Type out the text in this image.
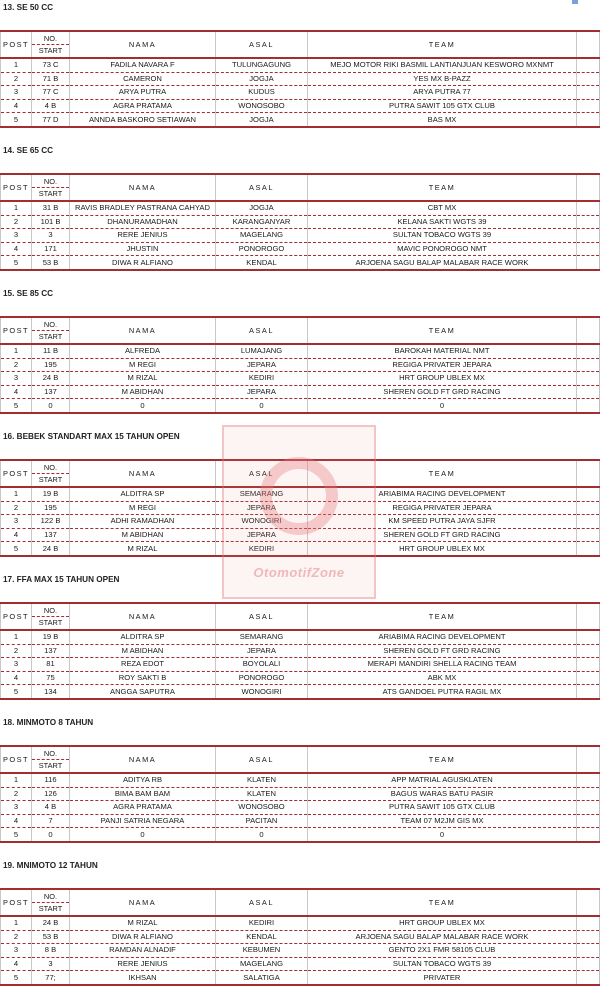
13. SE 50 CC
POST	NO.
START	NAMA	ASAL	TEAM		
1	73 C	FADILA NAVARA F	TULUNGAGUNG	MEJO MOTOR RIKI BASMIL LANTIANJUAN KESWORO MXNMT		
2	71 B	CAMERON	JOGJA	YES MX B-PAZZ		
3	77 C	ARYA PUTRA	KUDUS	ARYA PUTRA 77		
4	4 B	AGRA PRATAMA	WONOSOBO	PUTRA SAWIT 105 GTX CLUB		
5	77 D	ANNDA BASKORO SETIAWAN	JOGJA	BAS MX		
14. SE 65 CC
POST	NO.
START	NAMA	ASAL	TEAM		
1	31 B	RAVIS BRADLEY PASTRANA CAHYAD	JOGJA	CBT MX		
2	101 B	DHANURAMADHAN	KARANGANYAR	KELANA SAKTI WGTS 39		
3	3	RERE JENIUS	MAGELANG	SULTAN TOBACO WGTS 39		
4	171	JHUSTIN	PONOROGO	MAVIC PONOROGO NMT		
5	53 B	DIWA R ALFIANO	KENDAL	ARJOENA SAGU BALAP MALABAR RACE WORK		
15. SE 85 CC
POST	NO.
START	NAMA	ASAL	TEAM		
1	11 B	ALFREDA	LUMAJANG	BAROKAH MATERIAL NMT		
2	195	M REGI	JEPARA	REGIGA PRIVATER JEPARA		
3	24 B	M RIZAL	KEDIRI	HRT GROUP UBLEX MX		
4	137	M ABIDHAN	JEPARA	SHEREN GOLD FT GRD RACING		
5	0	0	0	0		
16. BEBEK STANDART MAX 15 TAHUN OPEN
POST	NO.
START	NAMA	ASAL	TEAM		
1	19 B	ALDITRA SP	SEMARANG	ARIABIMA RACING DEVELOPMENT		
2	195	M REGI	JEPARA	REGIGA PRIVATER JEPARA		
3	122 B	ADHI RAMADHAN	WONOGIRI	KM SPEED PUTRA JAYA SJFR		
4	137	M ABIDHAN	JEPARA	SHEREN GOLD FT GRD RACING		
5	24 B	M RIZAL	KEDIRI	HRT GROUP UBLEX MX		
17. FFA MAX 15 TAHUN OPEN
POST	NO.
START	NAMA	ASAL	TEAM		
1	19 B	ALDITRA SP	SEMARANG	ARIABIMA RACING DEVELOPMENT		
2	137	M ABIDHAN	JEPARA	SHEREN GOLD FT GRD RACING		
3	81	REZA EDOT	BOYOLALI	MERAPI MANDIRI SHELLA RACING TEAM		
4	75	ROY SAKTI B	PONOROGO	ABK MX		
5	134	ANGGA SAPUTRA	WONOGIRI	ATS GANDOEL PUTRA RAGIL MX		
18. MINMOTO 8 TAHUN
POST	NO.
START	NAMA	ASAL	TEAM		
1	116	ADITYA RB	KLATEN	APP MATRIAL AGUSKLATEN		
2	126	BIMA BAM BAM	KLATEN	BAGUS WARAS BATU PASIR		
3	4 B	AGRA PRATAMA	WONOSOBO	PUTRA SAWIT 105 GTX CLUB		
4	7	PANJI SATRIA NEGARA	PACITAN	TEAM 07 M2JM GIS MX		
5	0	0	0	0		
19. MNIMOTO 12 TAHUN
POST	NO.
START	NAMA	ASAL	TEAM		
1	24 B	M RIZAL	KEDIRI	HRT GROUP UBLEX MX		
2	53 B	DIWA R ALFIANO	KENDAL	ARJOENA SAGU BALAP MALABAR RACE WORK		
3	8 B	RAMDAN ALNADIF	KEBUMEN	GENTO 2X1 FMR 58105 CLUB		
4	3	RERE JENIUS	MAGELANG	SULTAN TOBACO WGTS 39		
5	77;	IKHSAN	SALATIGA	PRIVATER		
OtomotifZone
